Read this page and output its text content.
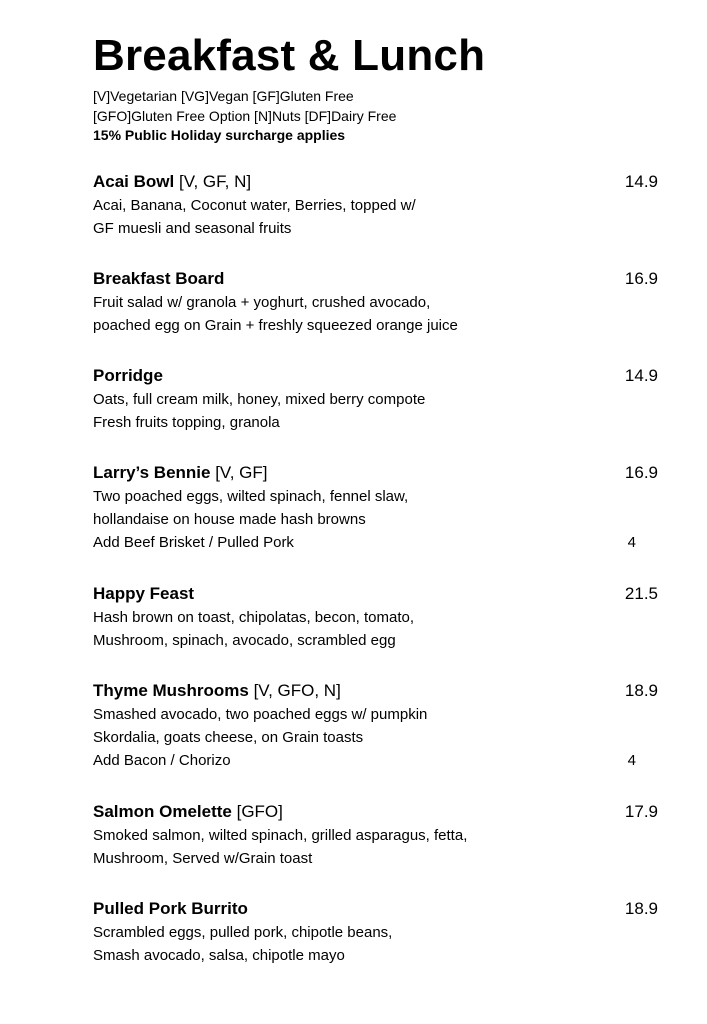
Breakfast & Lunch
[V]Vegetarian [VG]Vegan [GF]Gluten Free
[GFO]Gluten Free Option [N]Nuts [DF]Dairy Free
15% Public Holiday surcharge applies
Acai Bowl [V, GF, N]	14.9
Acai, Banana, Coconut water, Berries, topped w/
GF muesli and seasonal fruits
Breakfast Board	16.9
Fruit salad w/ granola + yoghurt, crushed avocado,
poached egg on Grain + freshly squeezed orange juice
Porridge	14.9
Oats, full cream milk, honey, mixed berry compote
Fresh fruits topping, granola
Larry’s Bennie [V, GF]	16.9
Two poached eggs, wilted spinach, fennel slaw,
hollandaise on house made hash browns
Add Beef Brisket / Pulled Pork	4
Happy Feast	21.5
Hash brown on toast, chipolatas, becon, tomato,
Mushroom, spinach, avocado, scrambled egg
Thyme Mushrooms [V, GFO, N]	18.9
Smashed avocado, two poached eggs w/ pumpkin
Skordalia, goats cheese, on Grain toasts
Add Bacon / Chorizo	4
Salmon Omelette [GFO]	17.9
Smoked salmon, wilted spinach, grilled asparagus, fetta,
Mushroom, Served w/Grain toast
Pulled Pork Burrito	18.9
Scrambled eggs, pulled pork, chipotle beans,
Smash avocado, salsa, chipotle mayo
